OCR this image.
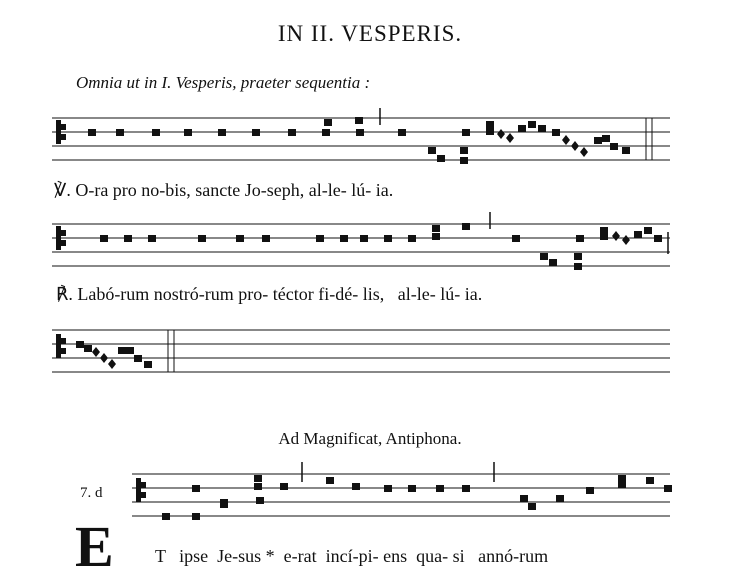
IN II. VESPERIS.
Omnia ut in I. Vesperis, praeter sequentia :
℣. O-ra pro no-bis, sancte Jo-seph, al-le- lú- ia.
℟. Labó-rum nostró-rum pro- téctor fi-dé- lis,   al-le- lú- ia.
Ad Magnificat, Antiphona.
7. d
E T   ipse  Je-sus *  e-rat  incí-pi- ens  qua- si   annó-rum
